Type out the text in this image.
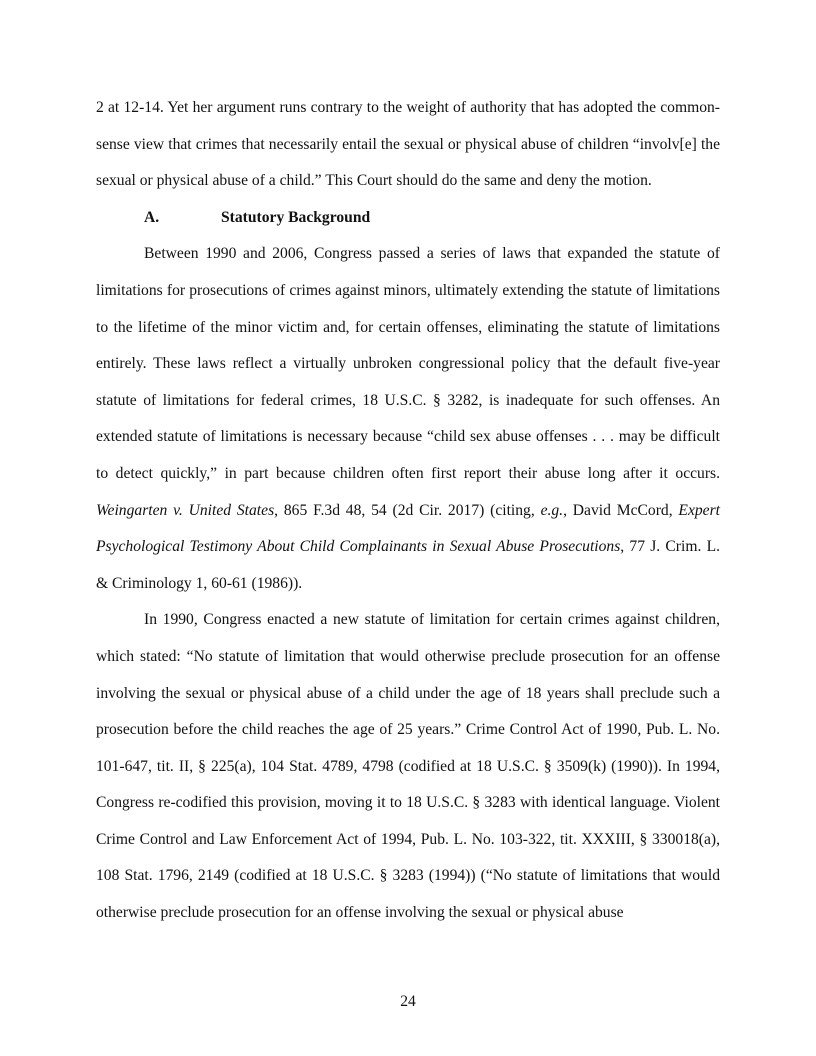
2 at 12-14. Yet her argument runs contrary to the weight of authority that has adopted the common-sense view that crimes that necessarily entail the sexual or physical abuse of children “involv[e] the sexual or physical abuse of a child.” This Court should do the same and deny the motion.

A.	Statutory Background

Between 1990 and 2006, Congress passed a series of laws that expanded the statute of limitations for prosecutions of crimes against minors, ultimately extending the statute of limitations to the lifetime of the minor victim and, for certain offenses, eliminating the statute of limitations entirely. These laws reflect a virtually unbroken congressional policy that the default five-year statute of limitations for federal crimes, 18 U.S.C. § 3282, is inadequate for such offenses. An extended statute of limitations is necessary because “child sex abuse offenses . . . may be difficult to detect quickly,” in part because children often first report their abuse long after it occurs. Weingarten v. United States, 865 F.3d 48, 54 (2d Cir. 2017) (citing, e.g., David McCord, Expert Psychological Testimony About Child Complainants in Sexual Abuse Prosecutions, 77 J. Crim. L. & Criminology 1, 60-61 (1986)).

In 1990, Congress enacted a new statute of limitation for certain crimes against children, which stated: “No statute of limitation that would otherwise preclude prosecution for an offense involving the sexual or physical abuse of a child under the age of 18 years shall preclude such a prosecution before the child reaches the age of 25 years.” Crime Control Act of 1990, Pub. L. No. 101-647, tit. II, § 225(a), 104 Stat. 4789, 4798 (codified at 18 U.S.C. § 3509(k) (1990)). In 1994, Congress re-codified this provision, moving it to 18 U.S.C. § 3283 with identical language. Violent Crime Control and Law Enforcement Act of 1994, Pub. L. No. 103-322, tit. XXXIII, § 330018(a), 108 Stat. 1796, 2149 (codified at 18 U.S.C. § 3283 (1994)) (“No statute of limitations that would otherwise preclude prosecution for an offense involving the sexual or physical abuse

24
